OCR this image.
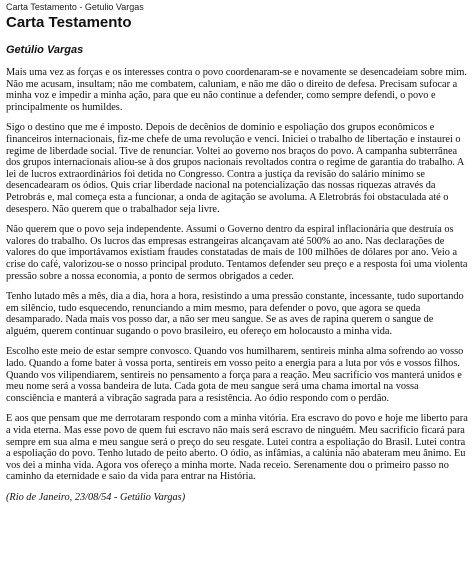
Carta Testamento - Getulio Vargas

Carta Testamento
Getúlio Vargas

Mais uma vez as forças e os interesses contra o povo coordenaram-se e novamente se desencadeiam sobre mim. Não me acusam, insultam; não me combatem, caluniam, e não me dão o direito de defesa. Precisam sufocar a minha voz e impedir a minha ação, para que eu não continue a defender, como sempre defendi, o povo e principalmente os humildes.

Sigo o destino que me é imposto. Depois de decênios de domínio e espoliação dos grupos econômicos e financeiros internacionais, fiz-me chefe de uma revolução e venci. Iniciei o trabalho de libertação e instaurei o regime de liberdade social. Tive de renunciar. Voltei ao governo nos braços do povo. A campanha subterrânea dos grupos internacionais aliou-se à dos grupos nacionais revoltados contra o regime de garantia do trabalho. A lei de lucros extraordinários foi detida no Congresso. Contra a justiça da revisão do salário mínimo se desencadearam os ódios. Quis criar liberdade nacional na potencialização das nossas riquezas através da Petrobrás e, mal começa esta a funcionar, a onda de agitação se avoluma. A Eletrobrás foi obstaculada até o desespero. Não querem que o trabalhador seja livre.

Não querem que o povo seja independente. Assumi o Governo dentro da espiral inflacionária que destruía os valores do trabalho. Os lucros das empresas estrangeiras alcançavam até 500% ao ano. Nas declarações de valores do que importávamos existiam fraudes constatadas de mais de 100 milhões de dólares por ano. Veio a crise do café, valorizou-se o nosso principal produto. Tentamos defender seu preço e a resposta foi uma violenta pressão sobre a nossa economia, a ponto de sermos obrigados a ceder.

Tenho lutado mês a mês, dia a dia, hora a hora, resistindo a uma pressão constante, incessante, tudo suportando em silêncio, tudo esquecendo, renunciando a mim mesmo, para defender o povo, que agora se queda desamparado. Nada mais vos posso dar, a não ser meu sangue. Se as aves de rapina querem o sangue de alguém, querem continuar sugando o povo brasileiro, eu ofereço em holocausto a minha vida.

Escolho este meio de estar sempre convosco. Quando vos humilharem, sentireis minha alma sofrendo ao vosso lado. Quando a fome bater à vossa porta, sentireis em vosso peito a energia para a luta por vós e vossos filhos. Quando vos vilipendiarem, sentireis no pensamento a força para a reação. Meu sacrifício vos manterá unidos e meu nome será a vossa bandeira de luta. Cada gota de meu sangue será uma chama imortal na vossa consciência e manterá a vibração sagrada para a resistência. Ao ódio respondo com o perdão.

E aos que pensam que me derrotaram respondo com a minha vitória. Era escravo do povo e hoje me liberto para a vida eterna. Mas esse povo de quem fui escravo não mais será escravo de ninguém. Meu sacrifício ficará para sempre em sua alma e meu sangue será o preço do seu resgate. Lutei contra a espoliação do Brasil. Lutei contra a espoliação do povo. Tenho lutado de peito aberto. O ódio, as infâmias, a calúnia não abateram meu ânimo. Eu vos dei a minha vida. Agora vos ofereço a minha morte. Nada receio. Serenamente dou o primeiro passo no caminho da eternidade e saio da vida para entrar na História.

(Rio de Janeiro, 23/08/54 - Getúlio Vargas)
